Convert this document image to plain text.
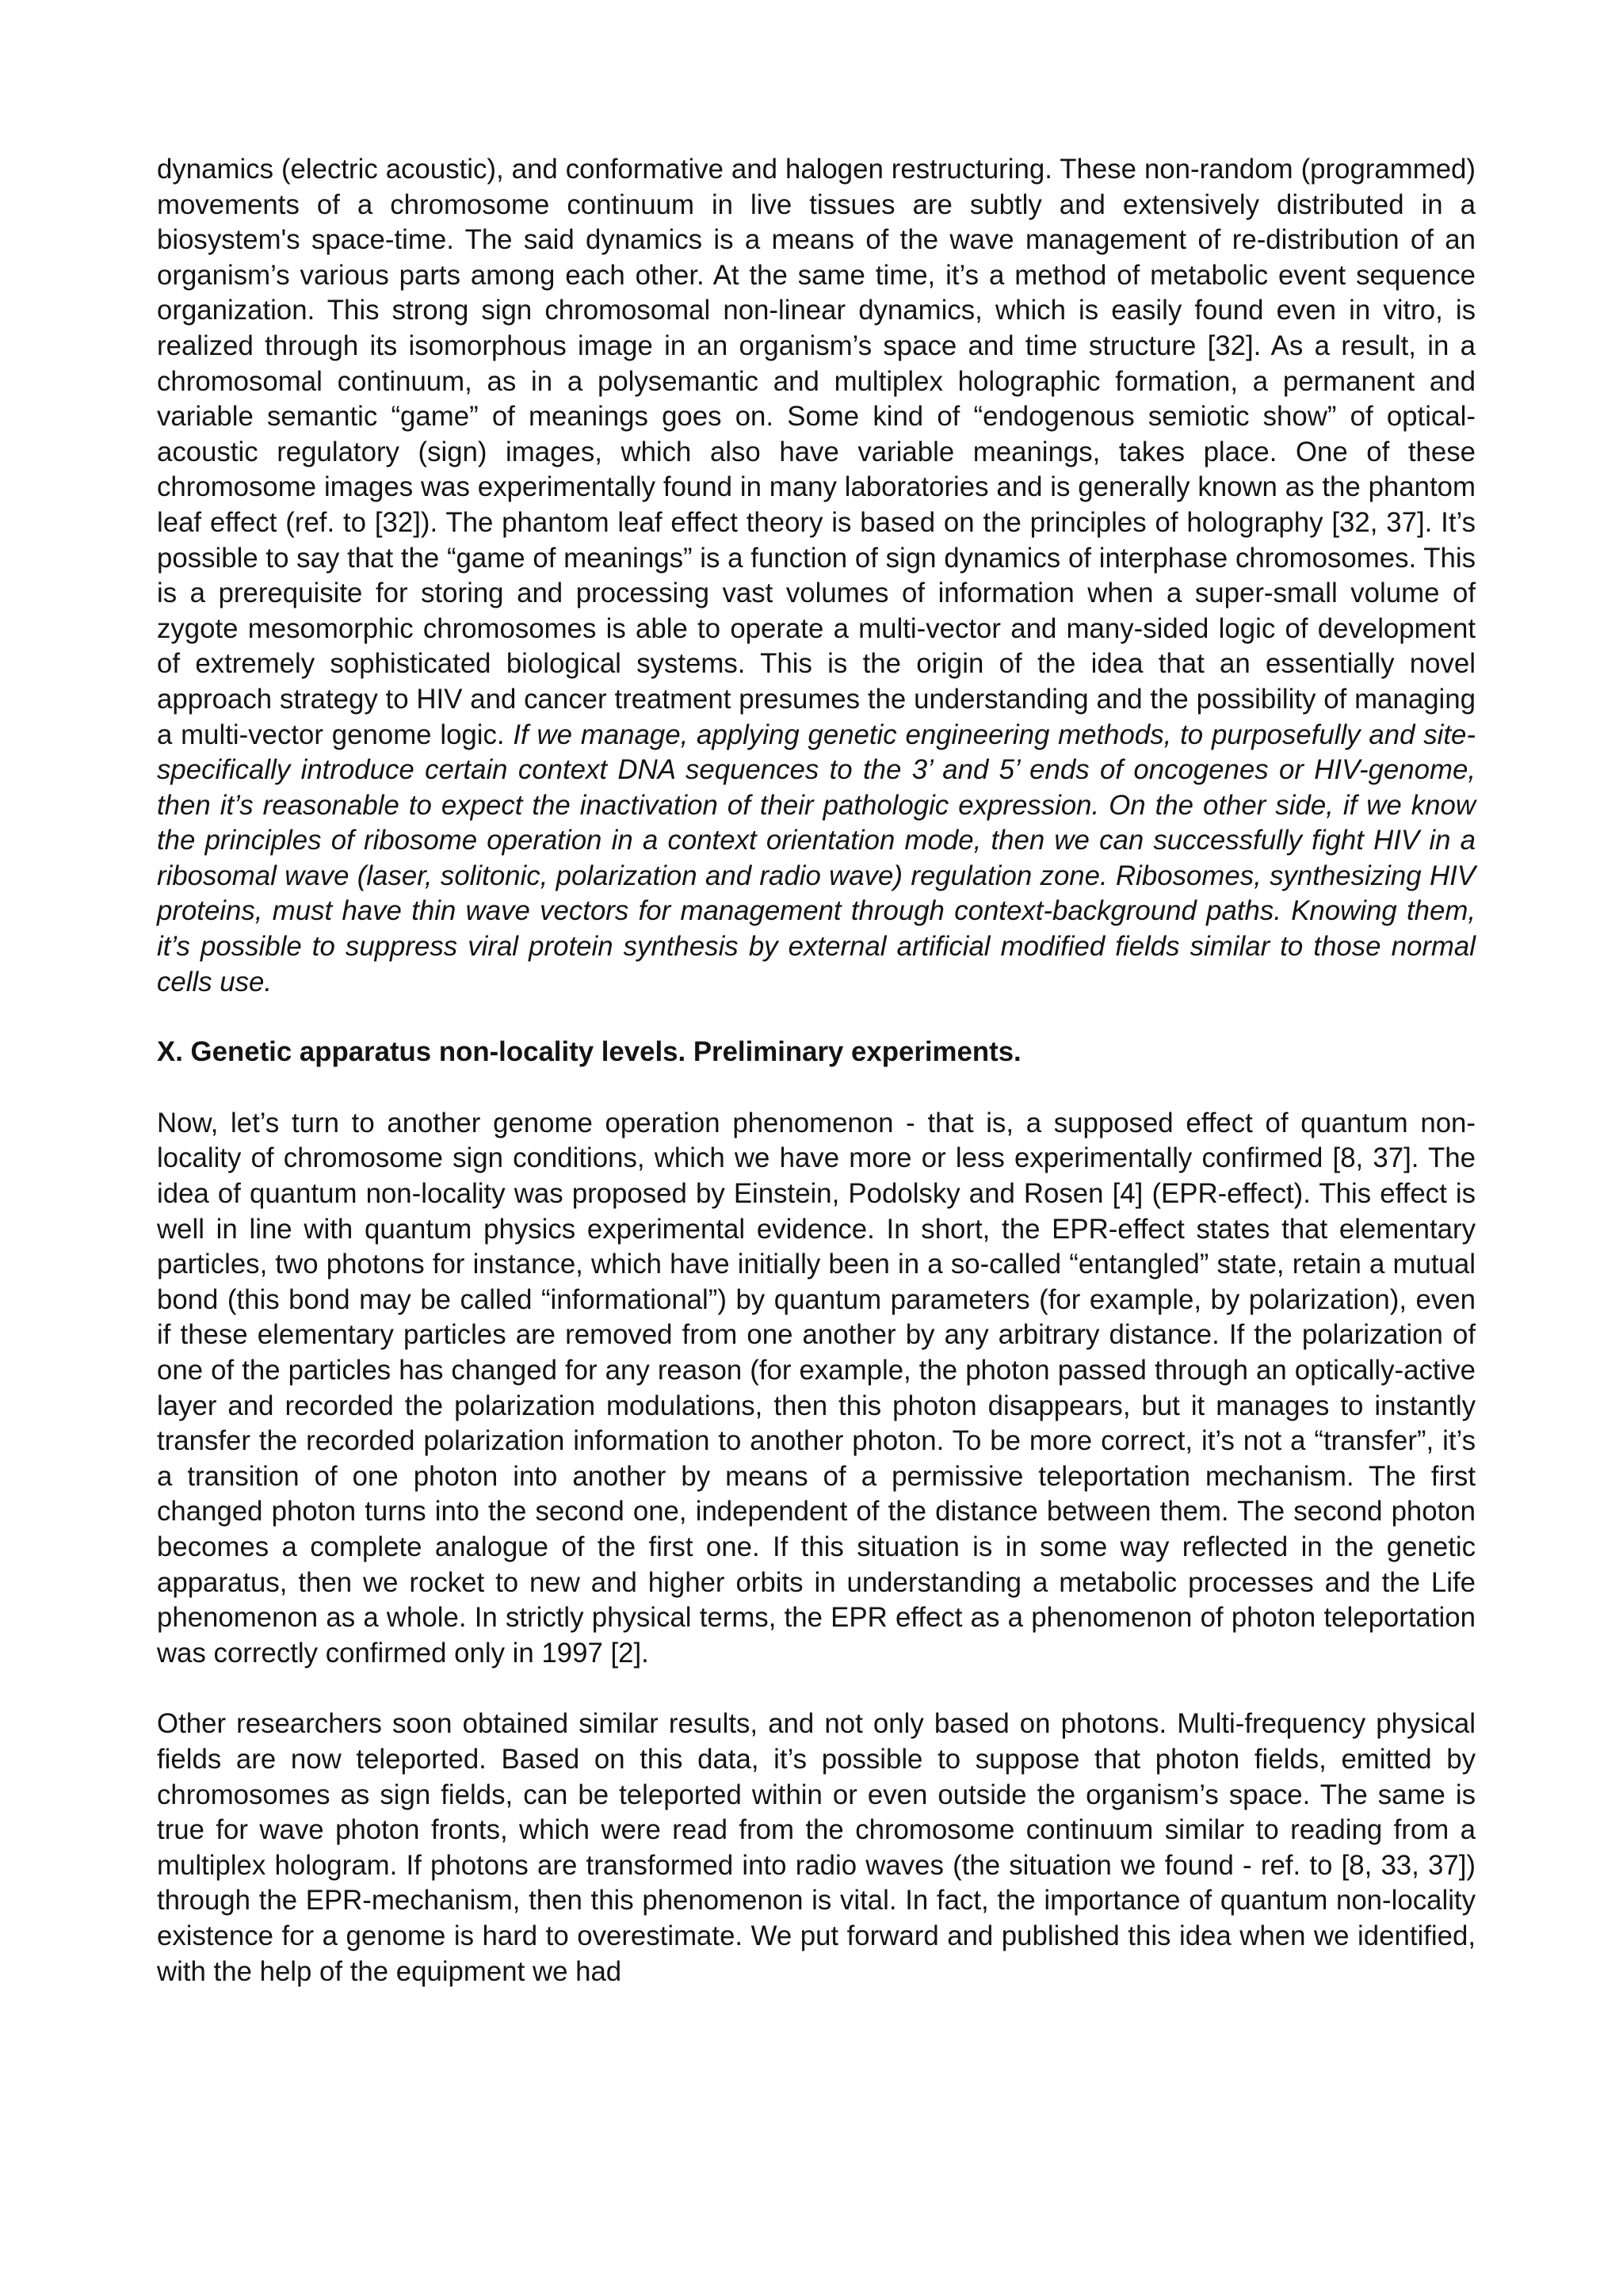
dynamics (electric acoustic), and conformative and halogen restructuring. These non-random (programmed) movements of a chromosome continuum in live tissues are subtly and extensively distributed in a biosystem's space-time. The said dynamics is a means of the wave management of re-distribution of an organism’s various parts among each other. At the same time, it’s a method of metabolic event sequence organization. This strong sign chromosomal non-linear dynamics, which is easily found even in vitro, is realized through its isomorphous image in an organism’s space and time structure [32]. As a result, in a chromosomal continuum, as in a polysemantic and multiplex holographic formation, a permanent and variable semantic “game” of meanings goes on. Some kind of “endogenous semiotic show” of optical-acoustic regulatory (sign) images, which also have variable meanings, takes place. One of these chromosome images was experimentally found in many laboratories and is generally known as the phantom leaf effect (ref. to [32]). The phantom leaf effect theory is based on the principles of holography [32, 37]. It’s possible to say that the “game of meanings” is a function of sign dynamics of interphase chromosomes. This is a prerequisite for storing and processing vast volumes of information when a super-small volume of zygote mesomorphic chromosomes is able to operate a multi-vector and many-sided logic of development of extremely sophisticated biological systems. This is the origin of the idea that an essentially novel approach strategy to HIV and cancer treatment presumes the understanding and the possibility of managing a multi-vector genome logic. If we manage, applying genetic engineering methods, to purposefully and site-specifically introduce certain context DNA sequences to the 3’ and 5’ ends of oncogenes or HIV-genome, then it’s reasonable to expect the inactivation of their pathologic expression. On the other side, if we know the principles of ribosome operation in a context orientation mode, then we can successfully fight HIV in a ribosomal wave (laser, solitonic, polarization and radio wave) regulation zone. Ribosomes, synthesizing HIV proteins, must have thin wave vectors for management through context-background paths. Knowing them, it’s possible to suppress viral protein synthesis by external artificial modified fields similar to those normal cells use.

X. Genetic apparatus non-locality levels. Preliminary experiments.

Now, let’s turn to another genome operation phenomenon - that is, a supposed effect of quantum non-locality of chromosome sign conditions, which we have more or less experimentally confirmed [8, 37]. The idea of quantum non-locality was proposed by Einstein, Podolsky and Rosen [4] (EPR-effect). This effect is well in line with quantum physics experimental evidence. In short, the EPR-effect states that elementary particles, two photons for instance, which have initially been in a so-called “entangled” state, retain a mutual bond (this bond may be called “informational”) by quantum parameters (for example, by polarization), even if these elementary particles are removed from one another by any arbitrary distance. If the polarization of one of the particles has changed for any reason (for example, the photon passed through an optically-active layer and recorded the polarization modulations, then this photon disappears, but it manages to instantly transfer the recorded polarization information to another photon. To be more correct, it’s not a “transfer”, it’s a transition of one photon into another by means of a permissive teleportation mechanism. The first changed photon turns into the second one, independent of the distance between them. The second photon becomes a complete analogue of the first one. If this situation is in some way reflected in the genetic apparatus, then we rocket to new and higher orbits in understanding a metabolic processes and the Life phenomenon as a whole. In strictly physical terms, the EPR effect as a phenomenon of photon teleportation was correctly confirmed only in 1997 [2].

Other researchers soon obtained similar results, and not only based on photons. Multi-frequency physical fields are now teleported. Based on this data, it’s possible to suppose that photon fields, emitted by chromosomes as sign fields, can be teleported within or even outside the organism’s space. The same is true for wave photon fronts, which were read from the chromosome continuum similar to reading from a multiplex hologram. If photons are transformed into radio waves (the situation we found - ref. to [8, 33, 37]) through the EPR-mechanism, then this phenomenon is vital. In fact, the importance of quantum non-locality existence for a genome is hard to overestimate. We put forward and published this idea when we identified, with the help of the equipment we had
